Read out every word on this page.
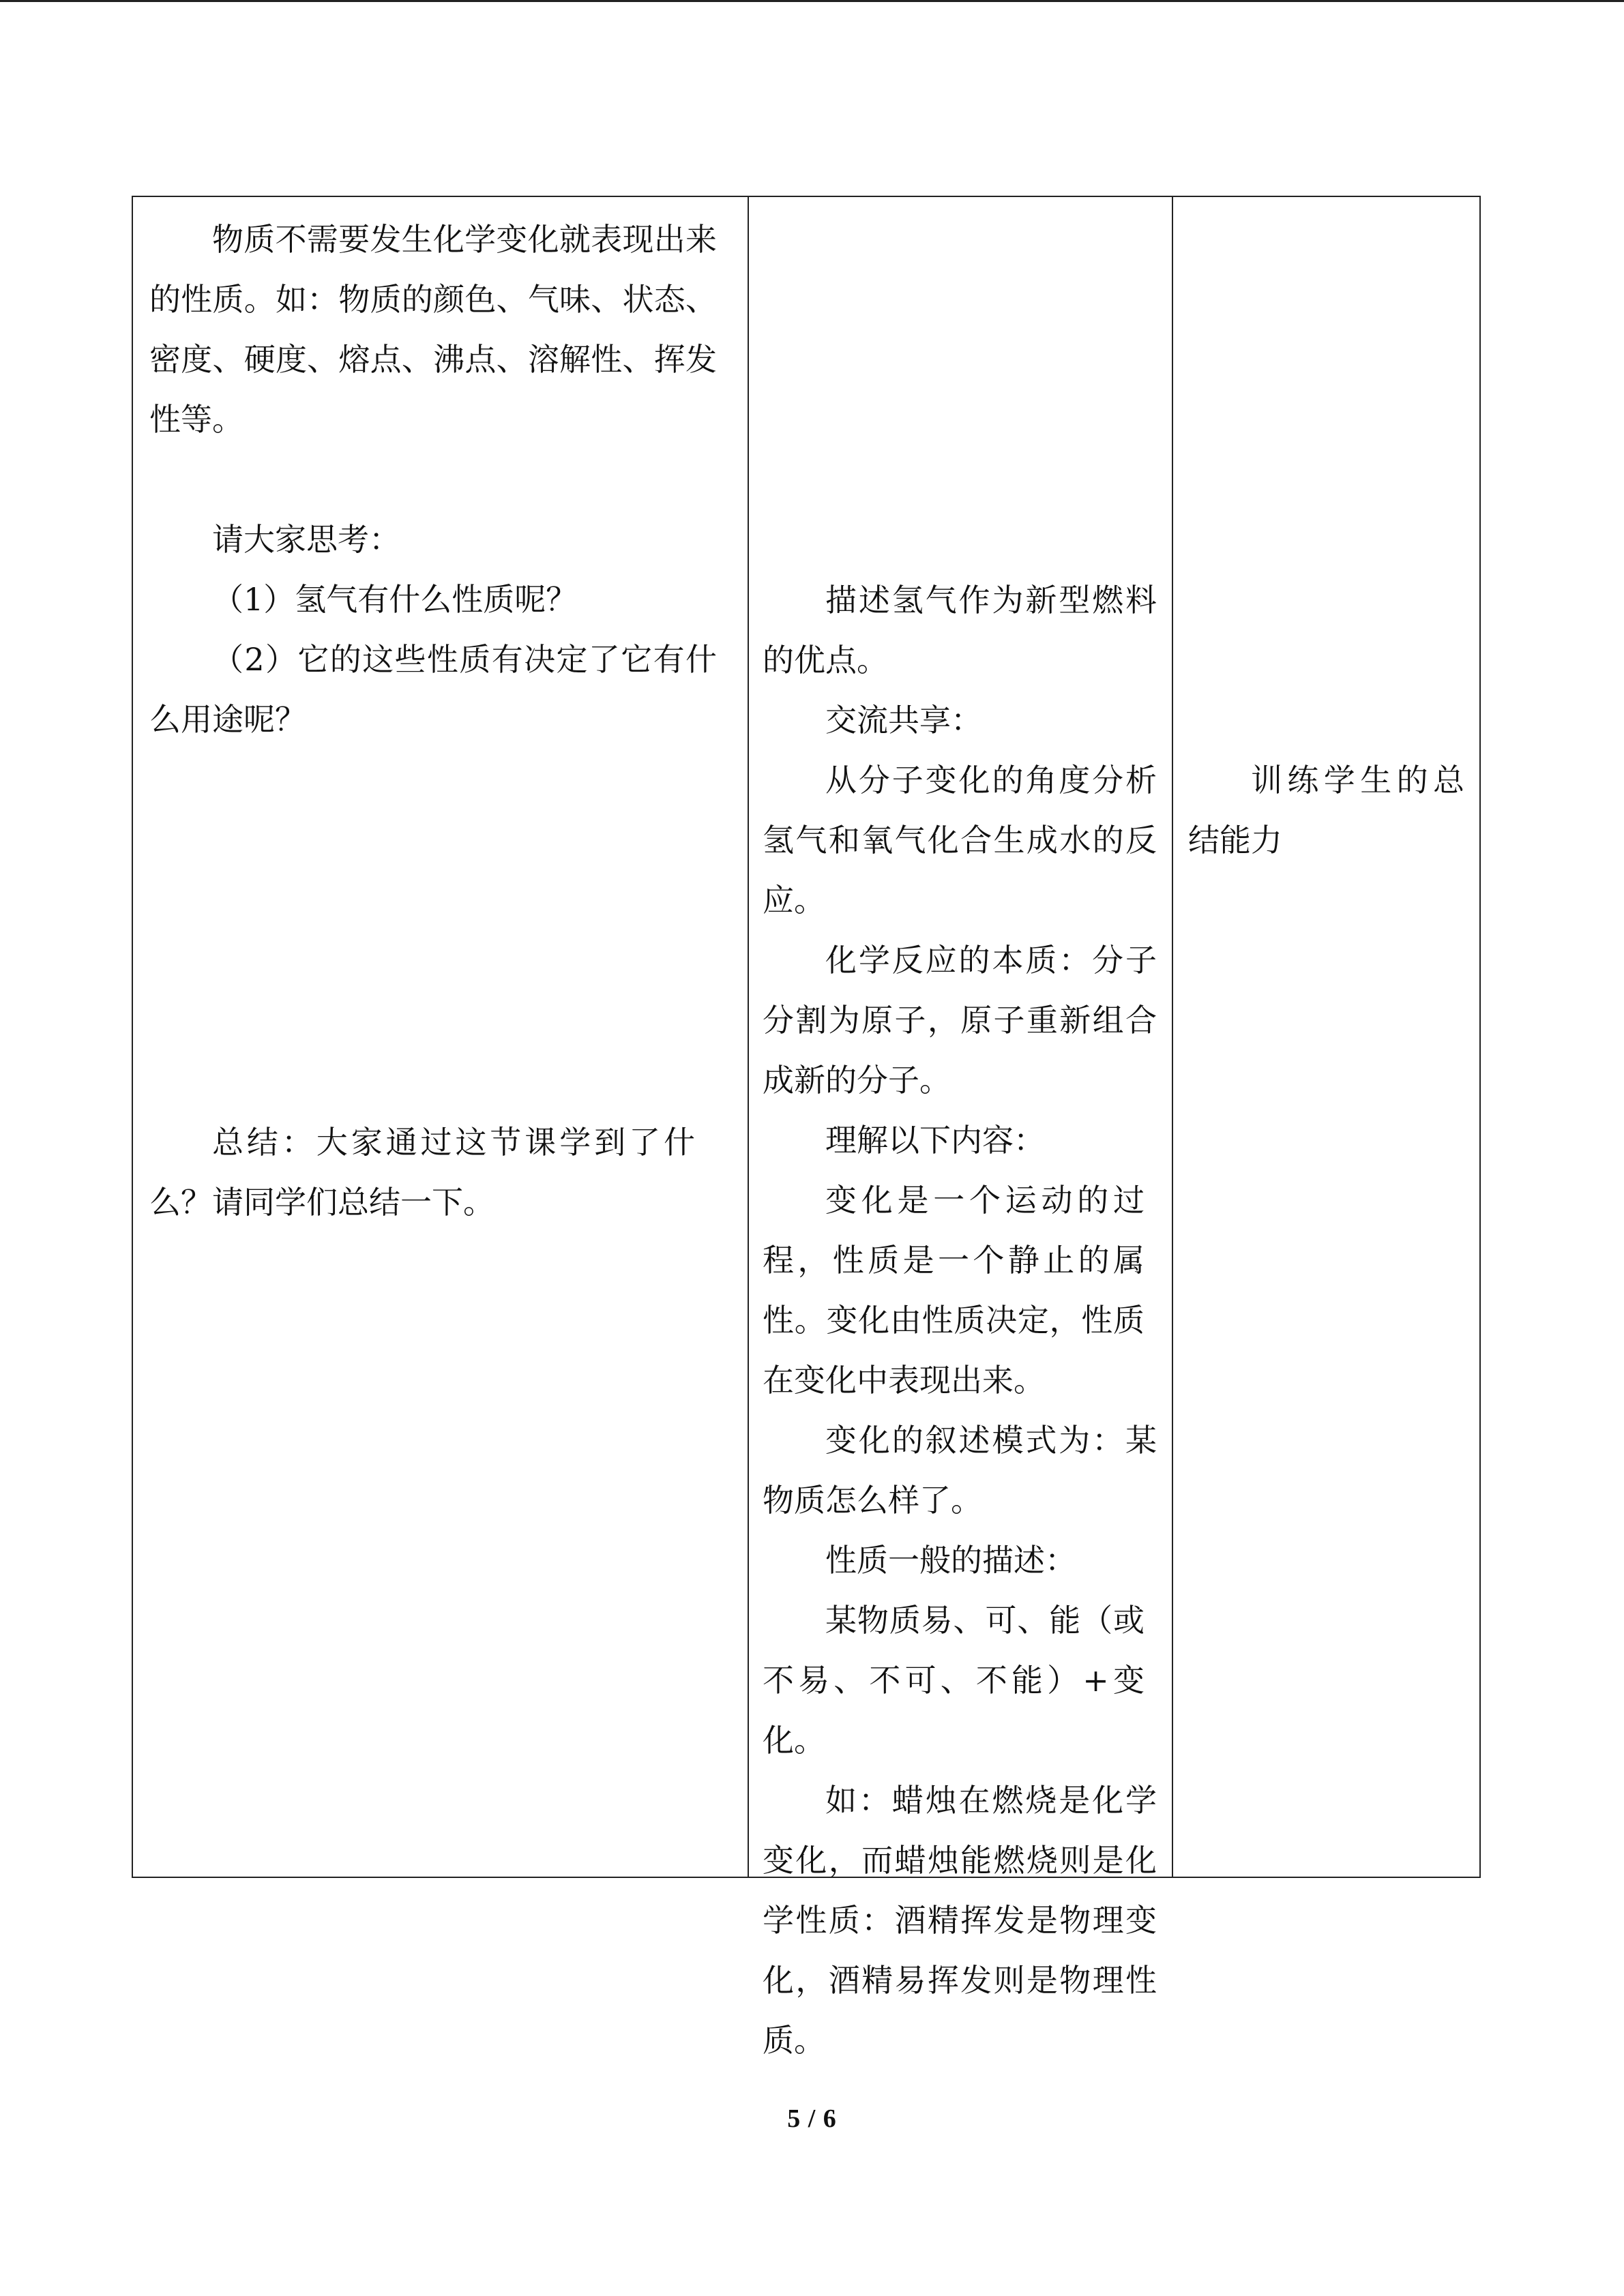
物质不需要发生化学变化就表现出来的性质。如：物质的颜色、气味、状态、密度、硬度、熔点、沸点、溶解性、挥发性等。

请大家思考：

（1）氢气有什么性质呢？

（2）它的这些性质有决定了它有什么用途呢？

总结：大家通过这节课学到了什么？请同学们总结一下。

描述氢气作为新型燃料的优点。

交流共享：

从分子变化的角度分析氢气和氧气化合生成水的反应。

化学反应的本质：分子分割为原子，原子重新组合成新的分子。

理解以下内容：

变化是一个运动的过程，性质是一个静止的属性。变化由性质决定，性质在变化中表现出来。

变化的叙述模式为：某物质怎么样了。

性质一般的描述：

某物质易、可、能（或不易、不可、不能）+变化。

如：蜡烛在燃烧是化学变化，而蜡烛能燃烧则是化学性质：酒精挥发是物理变化，酒精易挥发则是物理性质。

训练学生的总结能力

5 / 6
